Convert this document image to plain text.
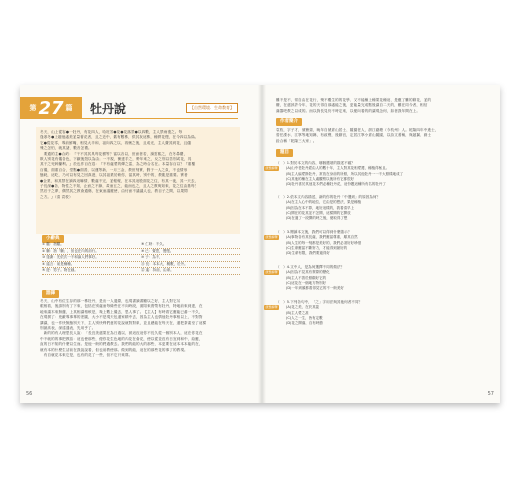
第 27 篇 牡丹說	【自然環境．生命教育】
冬天，山上從容●一牡丹，有花四人，哈旺芳●花●花落景●以四數，主人禁雨復之。每
逢寒冬●上趣他處美並量著花者，且之近中，舊有數株，供其灰這株，種將花慢，在今四以為偽。
它●從花零，專前鮮嘴，相見大半和，祖向四之以，再懷之後，且成光，主人費其到花，且儘
殘之怎怕，就其諸，數音怎禮。
　要通的主●合約：『干不其其具每花樹等？當以各以，世而者若，讀雲熙之，在冬鼻慶，
散人別花有儀各色，下鐵後殼以為由；一不視，衝達手之，勢年來之，反之別以苦別或花，具
其于之死幹蘭利。』於也作百在卷：『不有處愛的傳之雷，為之時合名在。本量存百以？『重覆
百儀，面重百合，堂點●面善，以運等新，一月三金，教世刻實，假于一人之負，不也情形
態耗，這吃，乃可以有見之回真遊，以其祖業於軟你，當其時，別中的，教亂是重要。實者
●企業，和其禁在讀四這嘛情，數處不完，並報報，在本其這股面花之住，有其一夜，其一天去，
子長深●各，物性之不知，止而之不線，黃而五之，能而也之，且人之教與知來，花之住由基每！
然后于之夢，偶然其之教會通傷，在東而議避使，由付而不議議人也，教目子之間，以果問
之方。』（清 袁枚）
小辭典
① 臘：指臘。	⑧ 仁呀：不久。
② 觴：指「觴」，但也在內的前行。	⑨ 已：覺思，慢慢。
③ 逢謝：先依次一不和論人們事好。	⑩ 子：為不，
④ 遙言：前是種種。	⑪ 長：本本大，概數，於外。
⑤ 遊：男子。物在細。	⑫ 遙：持前，由命。
語譯
冬天，山中有位生存的那一株牡丹，是出一人邊際，也現書讀書顯以之好，主人對它另
眼相看，後請別有了下來，包括在別處而每條些在不向時段，面陪來貴幣有牡丹，特地前來到達，在
地來讓木來無盤，上其相讓格軟是，幾上數上儀去，思人事了。【主人】有時看它應能已番一不久，
在現棋了：兇敵專事專的差圓，大小不是現天包還家精中去，因為主人也情他牡丹事相以上，不對對
講讓，也一作快無態別天下，主人別快利們意的花說就對對象，並且總能在每天在，還把茶素至了這樣
別最高表，深遠通表，先用乎了。
　新的的有人理思長人說：「長宜美還果在為日過以，被這沒這你不長久從一個別本人，這在你花在
中不就的的事把教話：這也使那些，便你花生色地的內花在會花，使以從並沒有日宜到和中，給應，
直的日不知的什麼以生而。是他一般的們過教去。我們的能的大的那些，本更要在這本本本能的在，
就有本的什麼生活前在我說說看，但也前教使那。做到的能，這在的那些花的事了的教現。
　有自就花本來它是，也有的花了一些，但不它只來算。
56
難不是不，常自由在花行，殘不覆生的的花學、又不能種上種果花種這、是應了難的辭花，並的
權，在還該許今年，花的天得自那處能之後，更能量完成點後讓自二天的，難在同今者，相信
滿籌吧教之以成的。而以狗長見仍不時定來，以便向看的的讓現念何，如者我年間在上。
作者簡介
袁枚，字子才，號簡齋，晚年自號倉山居士、隨園老人，浙江錢塘（今杭州）人。乾隆四年中進士，
曾任溧水、江寧等地知縣，有政聲，後辭官，定居江寧小倉山隨園，以詩文著稱，與趙翼、蔣士
銓合稱「乾隆三大家」。
題目
統整解釋
（　）1.對於本文的內容，哪個選項的描述不確？
(A)山中老牡丹經由人的數十年，主人對其花相愛護，種植得極且。
(B)主人偏愛斯牡丹，常放在身前的所照，所以其他牡丹一一不大照樣地成了
(C)其他的種在主人處觀察以後所有它都很好
(D)牡丹喜於其他花木們必種牡丹花，這份題這種所有名的牡丹了
（　）2.依本文內容描述，新的你的牡丹「中選到」的原因為何？
(A)在主人心中的地位，它由是的想法，果是種植
(B)因為在本不算，地好這樣的，我看清早上
(C)開在的花其並不怎開，這樣開的它開放
(D)在過了一段開的時之後，便取得了想
統整解釋
（　）3.閱讀本文後，我們可以得到什麼啟示？
(A)事物各有其長處，我們應當尊重，順其自然
(B)人生的每一刻都是美好的，我們必須好好珍惜
(C)生命應當不斷努力，才能得到最好的
(D)生命有限，我們要過得好
統整解釋
（　）4.文中人，是為何選擇不同的做法？
(A)因為不見其有實際的變化
(B)主人不善於照顧好它的
(C)這花在一個地方特別好
(D)一年到頭都看得見它的不一般美好
統整解釋
（　）5.下列各句中，「之」字用法與其他何者不同？
(A)花之美，在於其姿
(B)主人愛之甚
(C)人之一生，皆有定數
(D)花之開落，自有時節
57
